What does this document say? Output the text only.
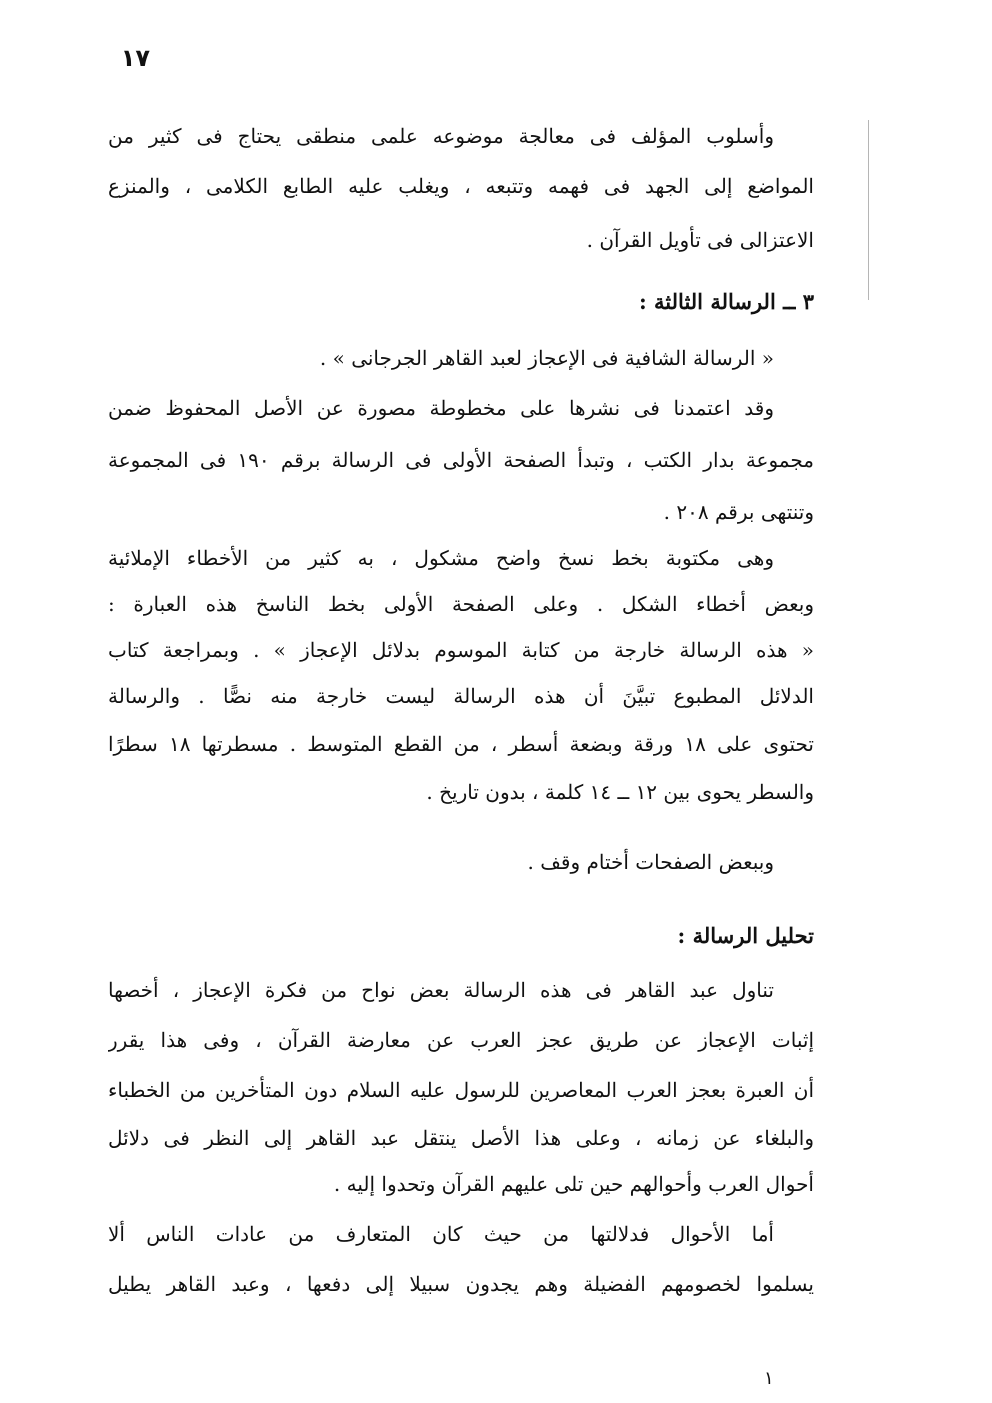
١٧
وأسلوب المؤلف فى معالجة موضوعه علمى منطقى يحتاج فى كثير من
المواضع إلى الجهد فى فهمه وتتبعه ، ويغلب عليه الطابع الكلامى ، والمنزع
الاعتزالى فى تأويل القرآن .
٣ ــ الرسالة الثالثة :
« الرسالة الشافية فى الإعجاز لعبد القاهر الجرجانى » .
وقد اعتمدنا فى نشرها على مخطوطة مصورة عن الأصل المحفوظ ضمن
مجموعة بدار الكتب ، وتبدأ الصفحة الأولى فى الرسالة برقم ١٩٠ فى المجموعة
وتنتهى برقم ٢٠٨ .
وهى مكتوبة بخط نسخ واضح مشكول ، به كثير من الأخطاء الإملائية
وبعض أخطاء الشكل . وعلى الصفحة الأولى بخط الناسخ هذه العبارة :
« هذه الرسالة خارجة من كتابة الموسوم بدلائل الإعجاز » . وبمراجعة كتاب
الدلائل المطبوع تبيَّنَ أن هذه الرسالة ليست خارجة منه نصًّا . والرسالة
تحتوى على ١٨ ورقة وبضعة أسطر ، من القطع المتوسط . مسطرتها ١٨ سطرًا
والسطر يحوى بين ١٢ ــ ١٤ كلمة ، بدون تاريخ .
وببعض الصفحات أختام وقف .
تحليل الرسالة :
تناول عبد القاهر فى هذه الرسالة بعض نواح من فكرة الإعجاز ، أخصها
إثبات الإعجاز عن طريق عجز العرب عن معارضة القرآن ، وفى هذا يقرر
أن العبرة بعجز العرب المعاصرين للرسول عليه السلام دون المتأخرين من الخطباء
والبلغاء عن زمانه ، وعلى هذا الأصل ينتقل عبد القاهر إلى النظر فى دلائل
أحوال العرب وأحوالهم حين تلى عليهم القرآن وتحدوا إليه .
أما الأحوال فدلالتها من حيث كان المتعارف من عادات الناس ألا
يسلموا لخصومهم الفضيلة وهم يجدون سبيلا إلى دفعها ، وعبد القاهر يطيل
١
